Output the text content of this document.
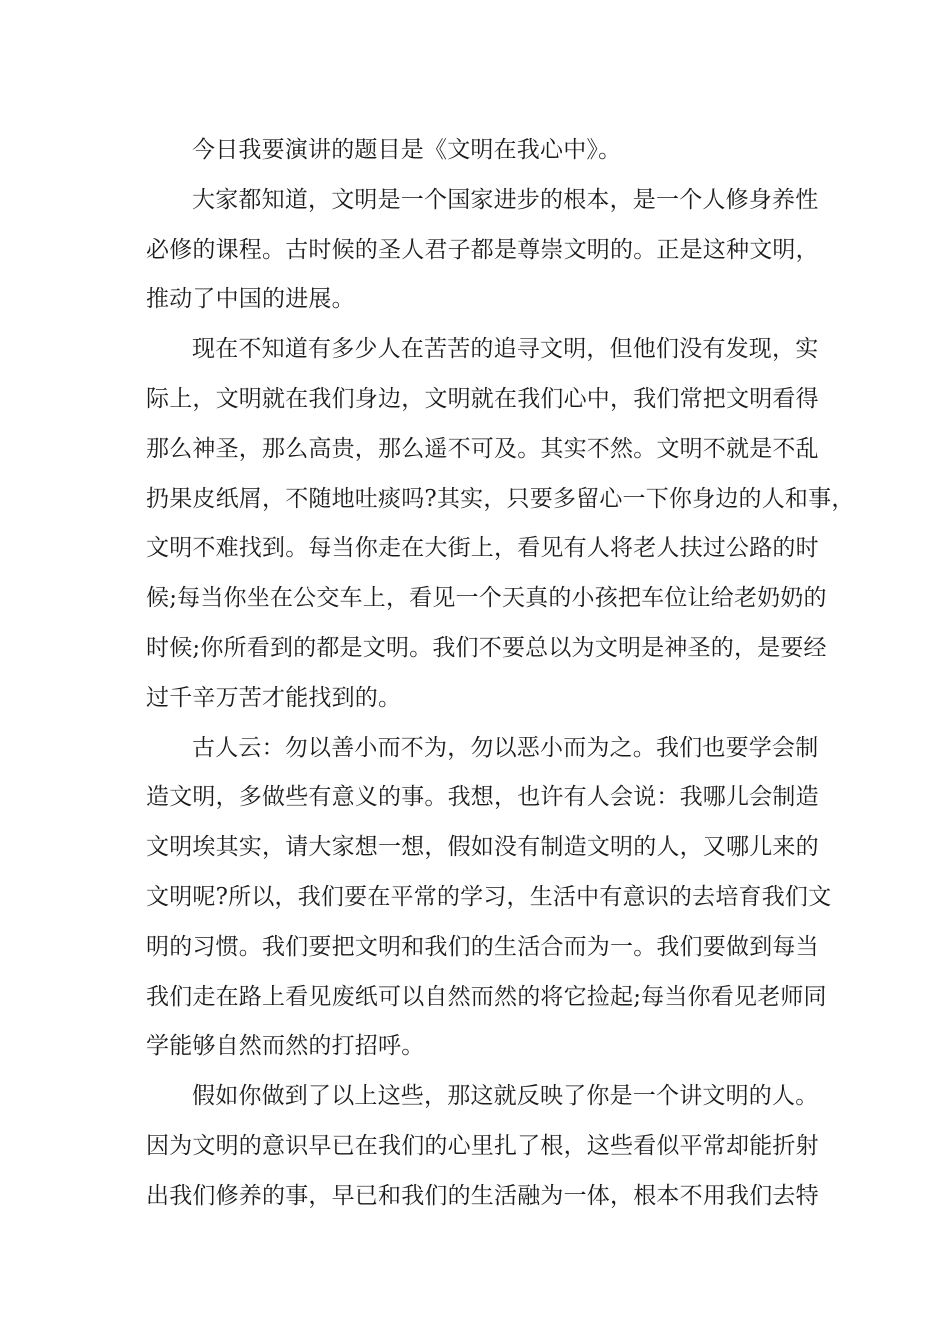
今日我要演讲的题目是《文明在我心中》。
大家都知道，文明是一个国家进步的根本，是一个人修身养性
必修的课程。古时候的圣人君子都是尊崇文明的。正是这种文明，
推动了中国的进展。
现在不知道有多少人在苦苦的追寻文明，但他们没有发现，实
际上，文明就在我们身边，文明就在我们心中，我们常把文明看得
那么神圣，那么高贵，那么遥不可及。其实不然。文明不就是不乱
扔果皮纸屑，不随地吐痰吗?其实，只要多留心一下你身边的人和事，
文明不难找到。每当你走在大街上，看见有人将老人扶过公路的时
候;每当你坐在公交车上，看见一个天真的小孩把车位让给老奶奶的
时候;你所看到的都是文明。我们不要总以为文明是神圣的，是要经
过千辛万苦才能找到的。
古人云：勿以善小而不为，勿以恶小而为之。我们也要学会制
造文明，多做些有意义的事。我想，也许有人会说：我哪儿会制造
文明埃其实，请大家想一想，假如没有制造文明的人，又哪儿来的
文明呢?所以，我们要在平常的学习，生活中有意识的去培育我们文
明的习惯。我们要把文明和我们的生活合而为一。我们要做到每当
我们走在路上看见废纸可以自然而然的将它捡起;每当你看见老师同
学能够自然而然的打招呼。
假如你做到了以上这些，那这就反映了你是一个讲文明的人。
因为文明的意识早已在我们的心里扎了根，这些看似平常却能折射
出我们修养的事，早已和我们的生活融为一体，根本不用我们去特
